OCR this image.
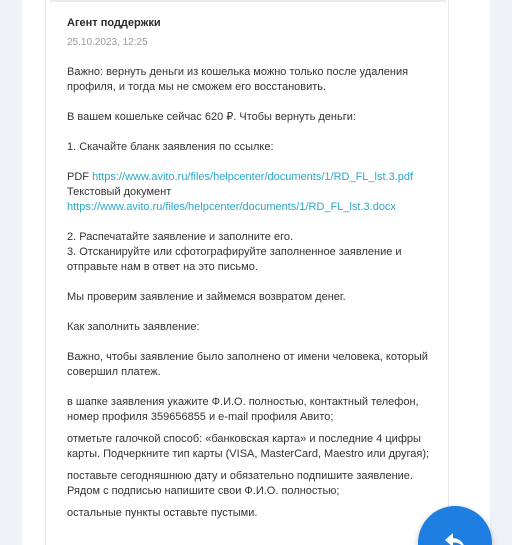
Агент поддержки
25.10.2023, 12:25

Важно: вернуть деньги из кошелька можно только после удаления профиля, и тогда мы не сможем его восстановить.

В вашем кошельке сейчас 620 ₽. Чтобы вернуть деньги:

1. Скачайте бланк заявления по ссылке:

PDF https://www.avito.ru/files/helpcenter/documents/1/RD_FL_lst.3.pdf
Текстовый документ https://www.avito.ru/files/helpcenter/documents/1/RD_FL_lst.3.docx

2. Распечатайте заявление и заполните его.

3. Отсканируйте или сфотографируйте заполненное заявление и отправьте нам в ответ на это письмо.

Мы проверим заявление и займемся возвратом денег.

Как заполнить заявление:

Важно, чтобы заявление было заполнено от имени человека, который совершил платеж.

в шапке заявления укажите Ф.И.О. полностью, контактный телефон, номер профиля 359656855 и e-mail профиля Авито;

отметьте галочкой способ: «банковская карта» и последние 4 цифры карты. Подчеркните тип карты (VISA, MasterCard, Maestro или другая);

поставьте сегодняшнюю дату и обязательно подпишите заявление. Рядом с подписью напишите свои Ф.И.О. полностью;

остальные пункты оставьте пустыми.
